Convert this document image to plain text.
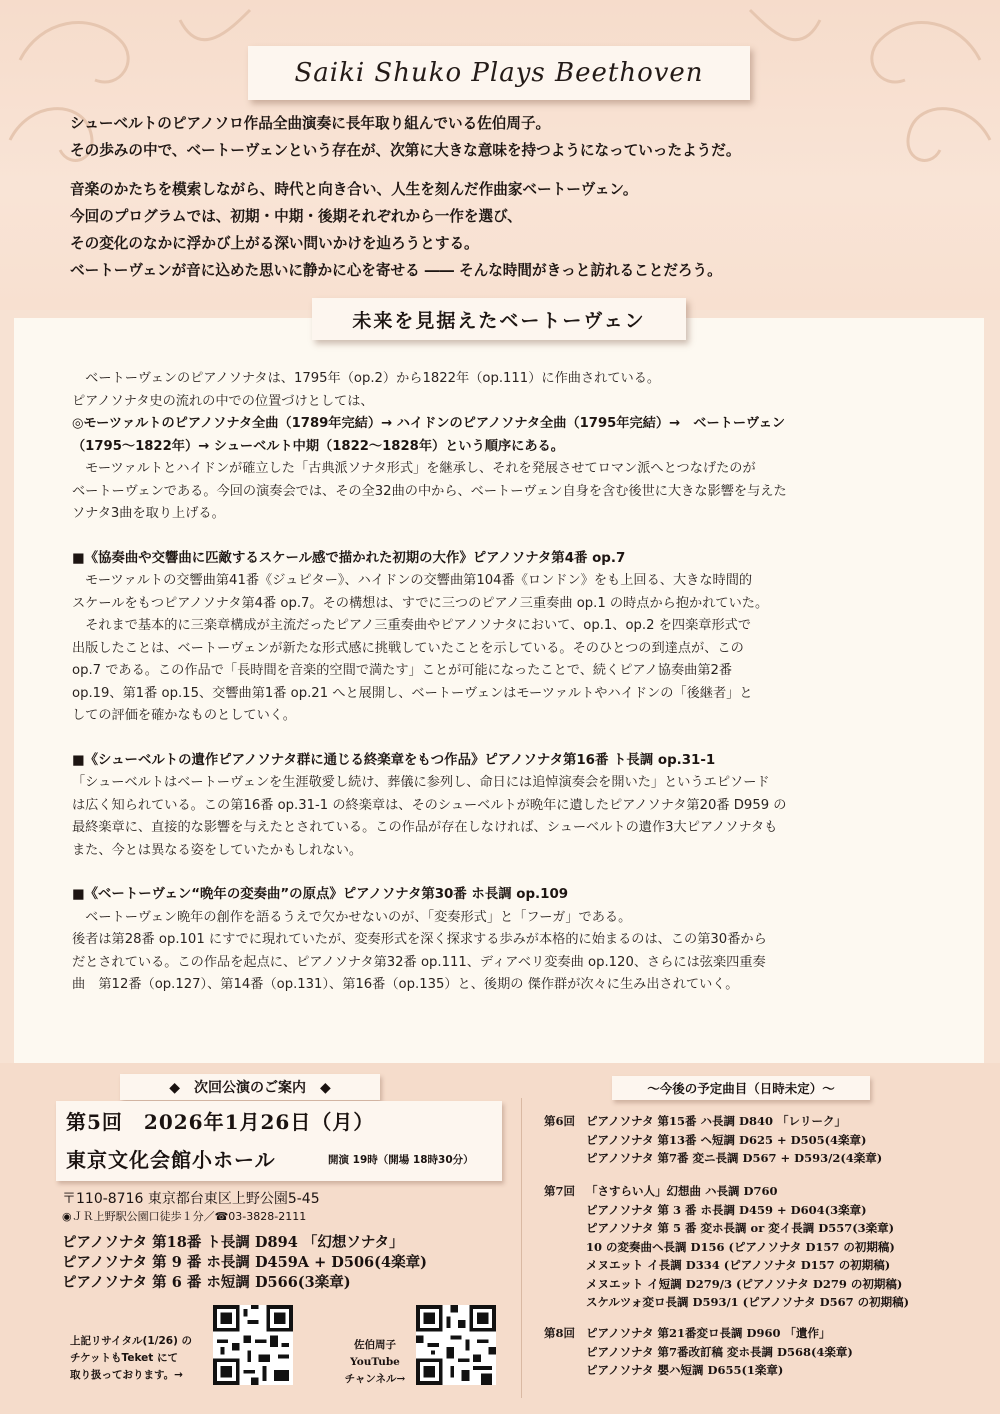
Saiki Shuko Plays Beethoven

シューベルトのピアノソロ作品全曲演奏に長年取り組んでいる佐伯周子。

その歩みの中で、ベートーヴェンという存在が、次第に大きな意味を持つようになっていったようだ。

音楽のかたちを模索しながら、時代と向き合い、人生を刻んだ作曲家ベートーヴェン。

今回のプログラムでは、初期・中期・後期それぞれから一作を選び、

その変化のなかに浮かび上がる深い問いかけを辿ろうとする。

ベートーヴェンが音に込めた思いに静かに心を寄せる ―― そんな時間がきっと訪れることだろう。

未来を見据えたベートーヴェン

　ベートーヴェンのピアノソナタは、1795年（op.2）から1822年（op.111）に作曲されている。

ピアノソナタ史の流れの中での位置づけとしては、

◎モーツァルトのピアノソナタ全曲（1789年完結）→ ハイドンのピアノソナタ全曲（1795年完結）→　ベートーヴェン

（1795〜1822年）→ シューベルト中期（1822〜1828年）という順序にある。

　モーツァルトとハイドンが確立した「古典派ソナタ形式」を継承し、それを発展させてロマン派へとつなげたのが

ベートーヴェンである。今回の演奏会では、その全32曲の中から、ベートーヴェン自身を含む後世に大きな影響を与えた

ソナタ3曲を取り上げる。

■《協奏曲や交響曲に匹敵するスケール感で描かれた初期の大作》ピアノソナタ第4番 op.7

　モーツァルトの交響曲第41番《ジュピター》、ハイドンの交響曲第104番《ロンドン》をも上回る、大きな時間的

スケールをもつピアノソナタ第4番 op.7。その構想は、すでに三つのピアノ三重奏曲 op.1 の時点から抱かれていた。

　それまで基本的に三楽章構成が主流だったピアノ三重奏曲やピアノソナタにおいて、op.1、op.2 を四楽章形式で

出版したことは、ベートーヴェンが新たな形式感に挑戦していたことを示している。そのひとつの到達点が、この

op.7 である。この作品で「長時間を音楽的空間で満たす」ことが可能になったことで、続くピアノ協奏曲第2番

op.19、第1番 op.15、交響曲第1番 op.21 へと展開し、ベートーヴェンはモーツァルトやハイドンの「後継者」と

しての評価を確かなものとしていく。

■《シューベルトの遺作ピアノソナタ群に通じる終楽章をもつ作品》ピアノソナタ第16番 ト長調 op.31-1

「シューベルトはベートーヴェンを生涯敬愛し続け、葬儀に参列し、命日には追悼演奏会を開いた」というエピソード

は広く知られている。この第16番 op.31-1 の終楽章は、そのシューベルトが晩年に遺したピアノソナタ第20番 D959 の

最終楽章に、直接的な影響を与えたとされている。この作品が存在しなければ、シューベルトの遺作3大ピアノソナタも

また、今とは異なる姿をしていたかもしれない。

■《ベートーヴェン“晩年の変奏曲”の原点》ピアノソナタ第30番 ホ長調 op.109

　ベートーヴェン晩年の創作を語るうえで欠かせないのが、「変奏形式」と「フーガ」である。

後者は第28番 op.101 にすでに現れていたが、変奏形式を深く探求する歩みが本格的に始まるのは、この第30番から

だとされている。この作品を起点に、ピアノソナタ第32番 op.111、ディアベリ変奏曲 op.120、さらには弦楽四重奏

曲　第12番（op.127）、第14番（op.131）、第16番（op.135）と、後期の 傑作群が次々に生み出されていく。

◆　次回公演のご案内　◆
第5回　2026年1月26日（月）
東京文化会館小ホール	開演 19時（開場 18時30分）
〒110-8716 東京都台東区上野公園5-45
◉ＪＲ上野駅公園口徒歩１分／☎03-3828-2111

ピアノソナタ 第18番 ト長調 D894 「幻想ソナタ」

ピアノソナタ 第 9 番 ホ長調 D459A + D506(4楽章)

ピアノソナタ 第 6 番 ホ短調 D566(3楽章)

上記リサイタル(1/26) の

チケットもTeket にて

取り扱っております。→

佐伯周子

YouTube

チャンネル→

〜今後の予定曲目（日時未定）〜
第6回 ピアノソナタ 第15番 ハ長調 D840 「レリーク」
ピアノソナタ 第13番 ヘ短調 D625 + D505(4楽章)
ピアノソナタ 第7番 変ニ長調 D567 + D593/2(4楽章)
第7回 「さすらい人」幻想曲 ハ長調 D760
ピアノソナタ 第 3 番 ホ長調 D459 + D604(3楽章)
ピアノソナタ 第 5 番 変ホ長調 or 変イ長調 D557(3楽章)
10 の変奏曲ヘ長調 D156 (ピアノソナタ D157 の初期稿)
メヌエット イ長調 D334 (ピアノソナタ D157 の初期稿)
メヌエット イ短調 D279/3 (ピアノソナタ D279 の初期稿)
スケルツォ変ロ長調 D593/1 (ピアノソナタ D567 の初期稿)
第8回 ピアノソナタ 第21番変ロ長調 D960 「遺作」
ピアノソナタ 第7番改訂稿 変ホ長調 D568(4楽章)
ピアノソナタ 嬰ハ短調 D655(1楽章)
